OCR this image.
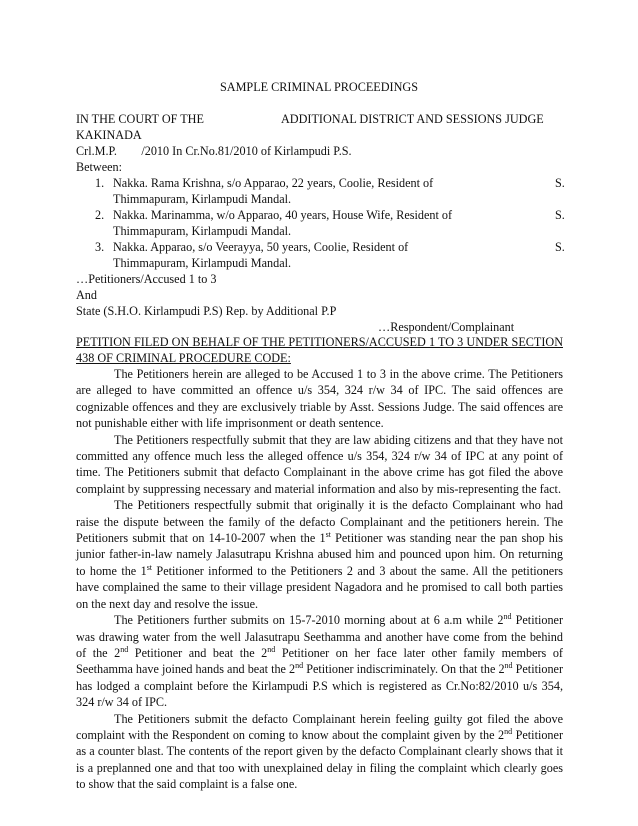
SAMPLE CRIMINAL PROCEEDINGS
IN THE COURT OF THE	ADDITIONAL DISTRICT AND SESSIONS JUDGE
KAKINADA
Crl.M.P.        /2010 In Cr.No.81/2010 of Kirlampudi P.S.
Between:
1. Nakka. Rama Krishna, s/o Apparao, 22 years, Coolie, Resident of	S.
Thimmapuram, Kirlampudi Mandal.
2. Nakka. Marinamma, w/o Apparao, 40 years, House Wife, Resident of	S.
Thimmapuram, Kirlampudi Mandal.
3. Nakka. Apparao, s/o Veerayya, 50 years, Coolie, Resident of	S.
Thimmapuram, Kirlampudi Mandal.
…Petitioners/Accused 1 to 3
And
State (S.H.O. Kirlampudi P.S) Rep. by Additional P.P
…Respondent/Complainant
PETITION FILED ON BEHALF OF THE PETITIONERS/ACCUSED 1 TO 3 UNDER SECTION 438 OF CRIMINAL PROCEDURE CODE:

The Petitioners herein are alleged to be Accused 1 to 3 in the above crime. The Petitioners are alleged to have committed an offence u/s 354, 324 r/w 34 of IPC. The said offences are cognizable offences and they are exclusively triable by Asst. Sessions Judge. The said offences are not punishable either with life imprisonment or death sentence.

The Petitioners respectfully submit that they are law abiding citizens and that they have not committed any offence much less the alleged offence u/s 354, 324 r/w 34 of IPC at any point of time. The Petitioners submit that defacto Complainant in the above crime has got filed the above complaint by suppressing necessary and material information and also by mis-representing the fact.

The Petitioners respectfully submit that originally it is the defacto Complainant who had raise the dispute between the family of the defacto Complainant and the petitioners herein. The Petitioners submit that on 14-10-2007 when the 1st Petitioner was standing near the pan shop his junior father-in-law namely Jalasutrapu Krishna abused him and pounced upon him. On returning to home the 1st Petitioner informed to the Petitioners 2 and 3 about the same. All the petitioners have complained the same to their village president Nagadora and he promised to call both parties on the next day and resolve the issue.

The Petitioners further submits on 15-7-2010 morning about at 6 a.m while 2nd Petitioner was drawing water from the well Jalasutrapu Seethamma and another have come from the behind of the 2nd Petitioner and beat the 2nd Petitioner on her face later other family members of Seethamma have joined hands and beat the 2nd Petitioner indiscriminately. On that the 2nd Petitioner has lodged a complaint before the Kirlampudi P.S which is registered as Cr.No:82/2010 u/s 354, 324 r/w 34 of IPC.

The Petitioners submit the defacto Complainant herein feeling guilty got filed the above complaint with the Respondent on coming to know about the complaint given by the 2nd Petitioner as a counter blast. The contents of the report given by the defacto Complainant clearly shows that it is a preplanned one and that too with unexplained delay in filing the complaint which clearly goes to show that the said complaint is a false one.
